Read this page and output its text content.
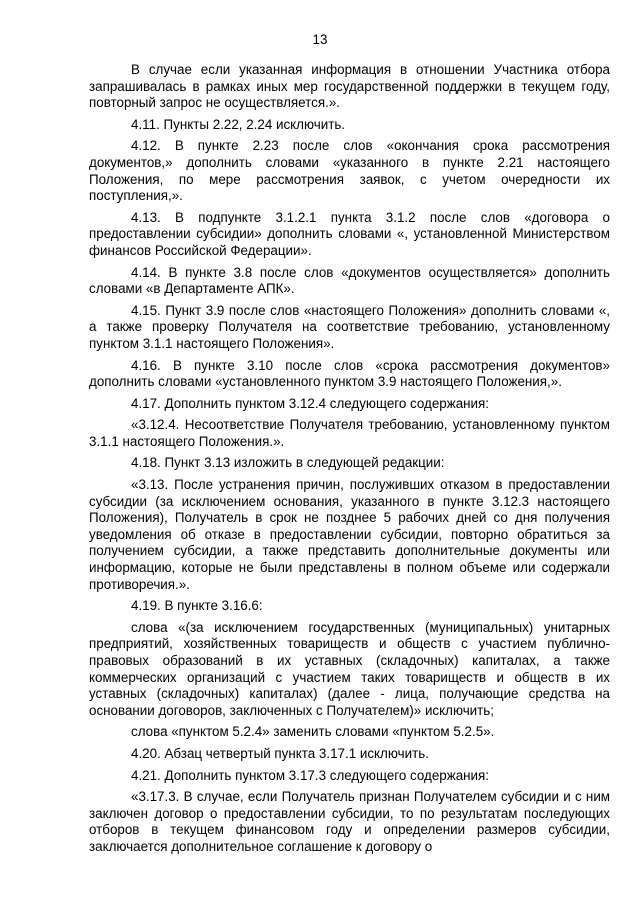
13

В случае если указанная информация в отношении Участника отбора запрашивалась в рамках иных мер государственной поддержки в текущем году, повторный запрос не осуществляется.».

4.11. Пункты 2.22, 2.24 исключить.

4.12. В пункте 2.23 после слов «окончания срока рассмотрения документов,» дополнить словами «указанного в пункте 2.21 настоящего Положения, по мере рассмотрения заявок, с учетом очередности их поступления,».

4.13. В подпункте 3.1.2.1 пункта 3.1.2 после слов «договора о предоставлении субсидии» дополнить словами «, установленной Министерством финансов Российской Федерации».

4.14. В пункте 3.8 после слов «документов осуществляется» дополнить словами «в Департаменте АПК».

4.15. Пункт 3.9 после слов «настоящего Положения» дополнить словами «, а также проверку Получателя на соответствие требованию, установленному пунктом 3.1.1 настоящего Положения».

4.16. В пункте 3.10 после слов «срока рассмотрения документов» дополнить словами «установленного пунктом 3.9 настоящего Положения,».

4.17. Дополнить пунктом 3.12.4 следующего содержания:

«3.12.4. Несоответствие Получателя требованию, установленному пунктом 3.1.1 настоящего Положения.».

4.18. Пункт 3.13 изложить в следующей редакции:

«3.13. После устранения причин, послуживших отказом в предоставлении субсидии (за исключением основания, указанного в пункте 3.12.3 настоящего Положения), Получатель в срок не позднее 5 рабочих дней со дня получения уведомления об отказе в предоставлении субсидии, повторно обратиться за получением субсидии, а также представить дополнительные документы или информацию, которые не были представлены в полном объеме или содержали противоречия.».

4.19. В пункте 3.16.6:

слова «(за исключением государственных (муниципальных) унитарных предприятий, хозяйственных товариществ и обществ с участием публично-правовых образований в их уставных (складочных) капиталах, а также коммерческих организаций с участием таких товариществ и обществ в их уставных (складочных) капиталах) (далее - лица, получающие средства на основании договоров, заключенных с Получателем)» исключить;

слова «пунктом 5.2.4» заменить словами «пунктом 5.2.5».

4.20. Абзац четвертый пункта 3.17.1 исключить.

4.21. Дополнить пунктом 3.17.3 следующего содержания:

«3.17.3. В случае, если Получатель признан Получателем субсидии и с ним заключен договор о предоставлении субсидии, то по результатам последующих отборов в текущем финансовом году и определении размеров субсидии, заключается дополнительное соглашение к договору о
